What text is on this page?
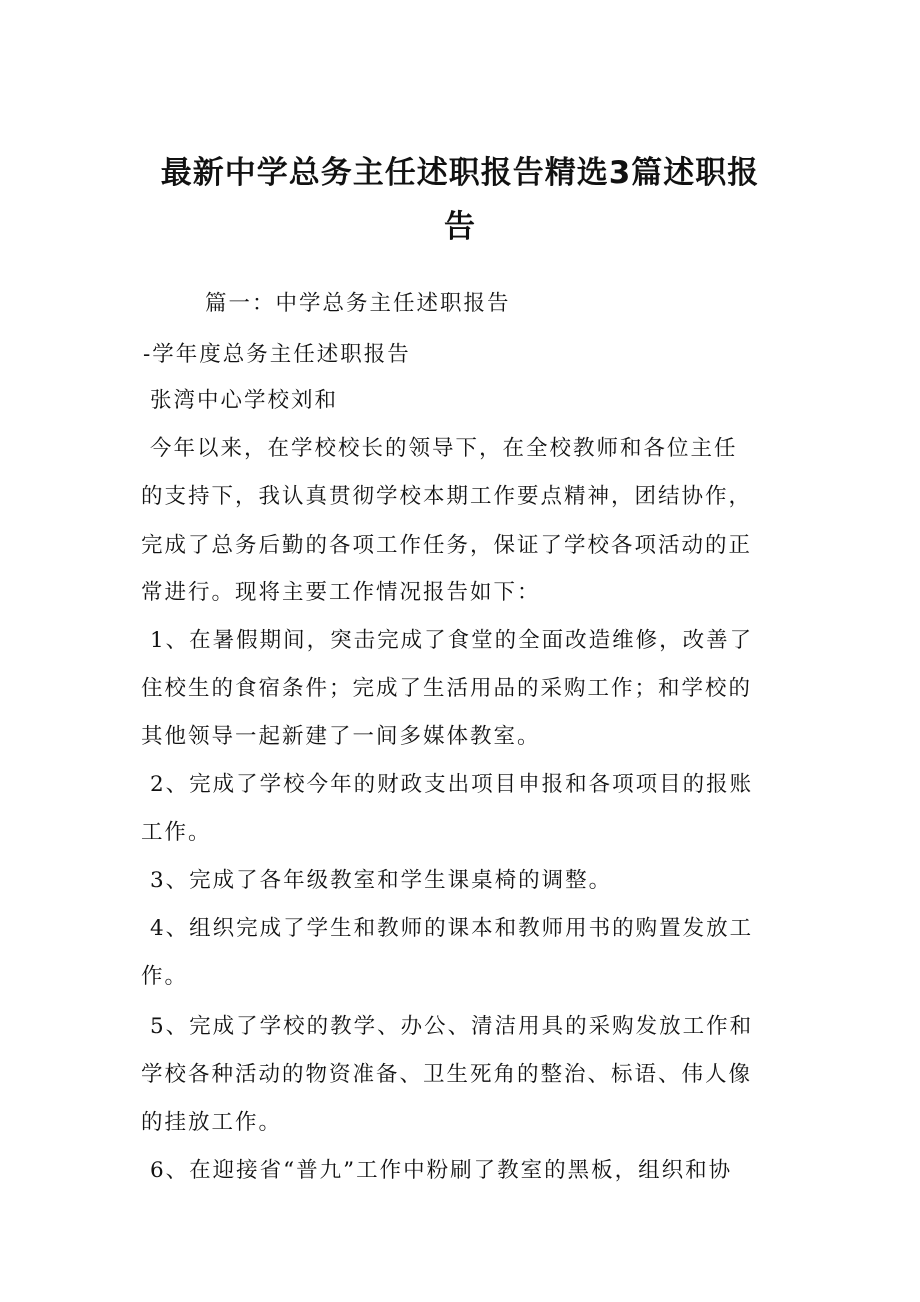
最新中学总务主任述职报告精选3篇述职报
告

篇一：中学总务主任述职报告

-学年度总务主任述职报告

张湾中心学校刘和

今年以来，在学校校长的领导下，在全校教师和各位主任

的支持下，我认真贯彻学校本期工作要点精神，团结协作，

完成了总务后勤的各项工作任务，保证了学校各项活动的正

常进行。现将主要工作情况报告如下：

1、在暑假期间，突击完成了食堂的全面改造维修，改善了

住校生的食宿条件；完成了生活用品的采购工作；和学校的

其他领导一起新建了一间多媒体教室。

2、完成了学校今年的财政支出项目申报和各项项目的报账

工作。

3、完成了各年级教室和学生课桌椅的调整。

4、组织完成了学生和教师的课本和教师用书的购置发放工

作。

5、完成了学校的教学、办公、清洁用具的采购发放工作和

学校各种活动的物资准备、卫生死角的整治、标语、伟人像

的挂放工作。

6、在迎接省“普九”工作中粉刷了教室的黑板，组织和协
